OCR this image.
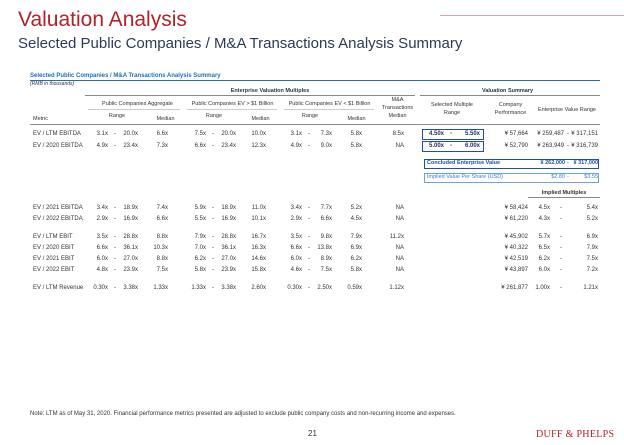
Valuation Analysis
Selected Public Companies / M&A Transactions Analysis Summary
Selected Public Companies / M&A Transactions Analysis Summary
(RMB in thousands)
Enterprise Valuation Multiples	Valuation Summary
Public Companies Aggregate	Public Companies EV > $1 Billion	Public Companies EV < $1 Billion
M&A
Transactions
Median
Selected Multiple
Range
Company
Performance	Enterprise Value Range
Metric	Range	Median	Range	Median	Range	Median
EV / LTM EBITDA	3.1x	-	20.0x	6.6x	7.5x	-	20.0x	10.0x	3.1x	-	7.3x	5.8x	8.5x	4.50x	-	5.50x	¥ 57,664	¥ 259,487 - ¥ 317,151
EV / 2020 EBITDA	4.9x	-	23.4x	7.3x	6.6x	-	23.4x	12.3x	4.9x	-	9.0x	5.8x	NA	5.00x	-	6.00x	¥ 52,790	¥ 263,949 - ¥ 316,739
Concluded Enterprise Value	¥ 262,000 - ¥ 317,000
Implied Value Per Share (USD)	$2.80 -	$3.55
Implied Multiples
EV / 2021 EBITDA	3.4x	-	18.9x	7.4x	5.9x	-	18.9x	11.0x	3.4x	-	7.7x	5.2x	NA	¥ 58,424	4.5x	-	5.4x
EV / 2022 EBITDA	2.9x	-	16.9x	6.6x	5.5x	-	16.9x	10.1x	2.9x	-	6.6x	4.5x	NA	¥ 61,220	4.3x	-	5.2x
EV / LTM EBIT	3.5x	-	28.8x	8.8x	7.9x	-	28.8x	16.7x	3.5x	-	9.8x	7.9x	11.2x	¥ 45,902	5.7x	-	6.9x
EV / 2020 EBIT	6.6x	-	36.1x	10.3x	7.0x	-	36.1x	16.3x	6.6x	-	13.8x	6.9x	NA	¥ 40,322	6.5x	-	7.9x
EV / 2021 EBIT	6.0x	-	27.0x	8.8x	6.2x	-	27.0x	14.6x	6.0x	-	8.9x	6.2x	NA	¥ 42,519	6.2x	-	7.5x
EV / 2022 EBIT	4.8x	-	23.9x	7.5x	5.8x	-	23.9x	15.8x	4.6x	-	7.5x	5.8x	NA	¥ 43,897	6.0x	-	7.2x
EV / LTM Revenue	0.30x	-	3.38x	1.33x	1.33x	-	3.38x	2.60x	0.30x	-	2.50x	0.59x	1.12x	¥ 261,877	1.00x	-	1.21x
Note: LTM as of May 31, 2020. Financial performance metrics presented are adjusted to exclude public company costs and non-recurring income and expenses.
21	DUFF & PHELPS
